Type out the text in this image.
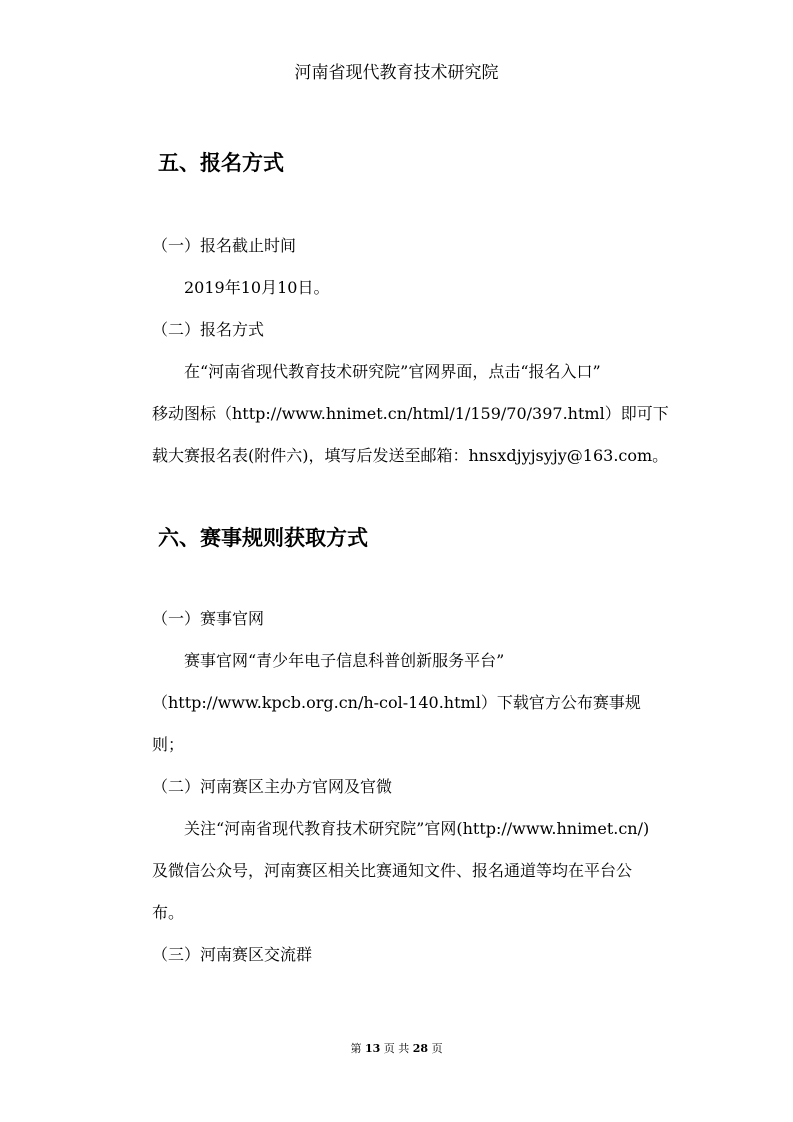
河南省现代教育技术研究院
五、报名方式
（一）报名截止时间
2019年10月10日。
（二）报名方式
在“河南省现代教育技术研究院”官网界面，点击“报名入口”
移动图标（http://www.hnimet.cn/html/1/159/70/397.html）即可下
载大赛报名表(附件六)，填写后发送至邮箱：hnsxdjyjsyjy@163.com。
六、赛事规则获取方式
（一）赛事官网
赛事官网“青少年电子信息科普创新服务平台”
（http://www.kpcb.org.cn/h-col-140.html）下载官方公布赛事规
则；
（二）河南赛区主办方官网及官微
关注“河南省现代教育技术研究院”官网(http://www.hnimet.cn/)
及微信公众号，河南赛区相关比赛通知文件、报名通道等均在平台公
布。
（三）河南赛区交流群
第 13 页 共 28 页
